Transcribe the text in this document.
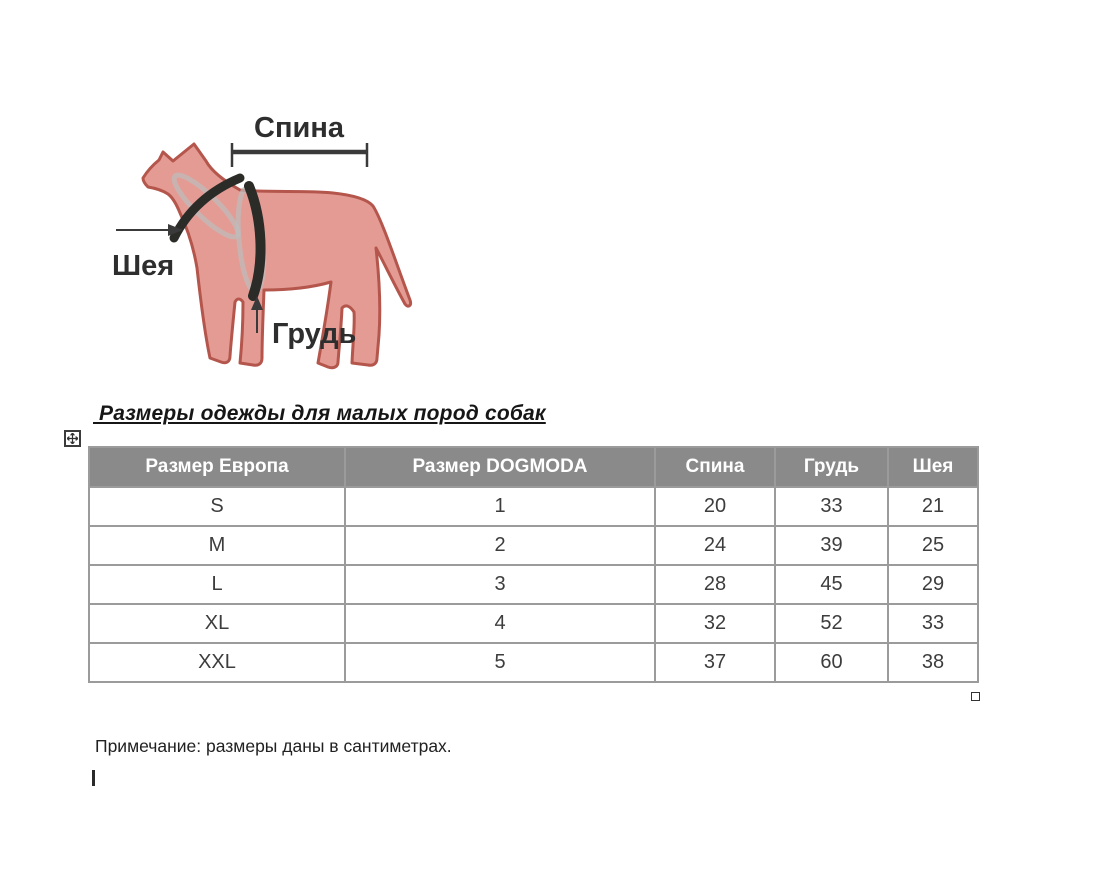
Спина
Шея
Грудь
Размеры одежды для малых пород собак
Размер Европа	Размер DOGMODA	Спина	Грудь	Шея
S	1	20	33	21
M	2	24	39	25
L	3	28	45	29
XL	4	32	52	33
XXL	5	37	60	38
Примечание: размеры даны в сантиметрах.
